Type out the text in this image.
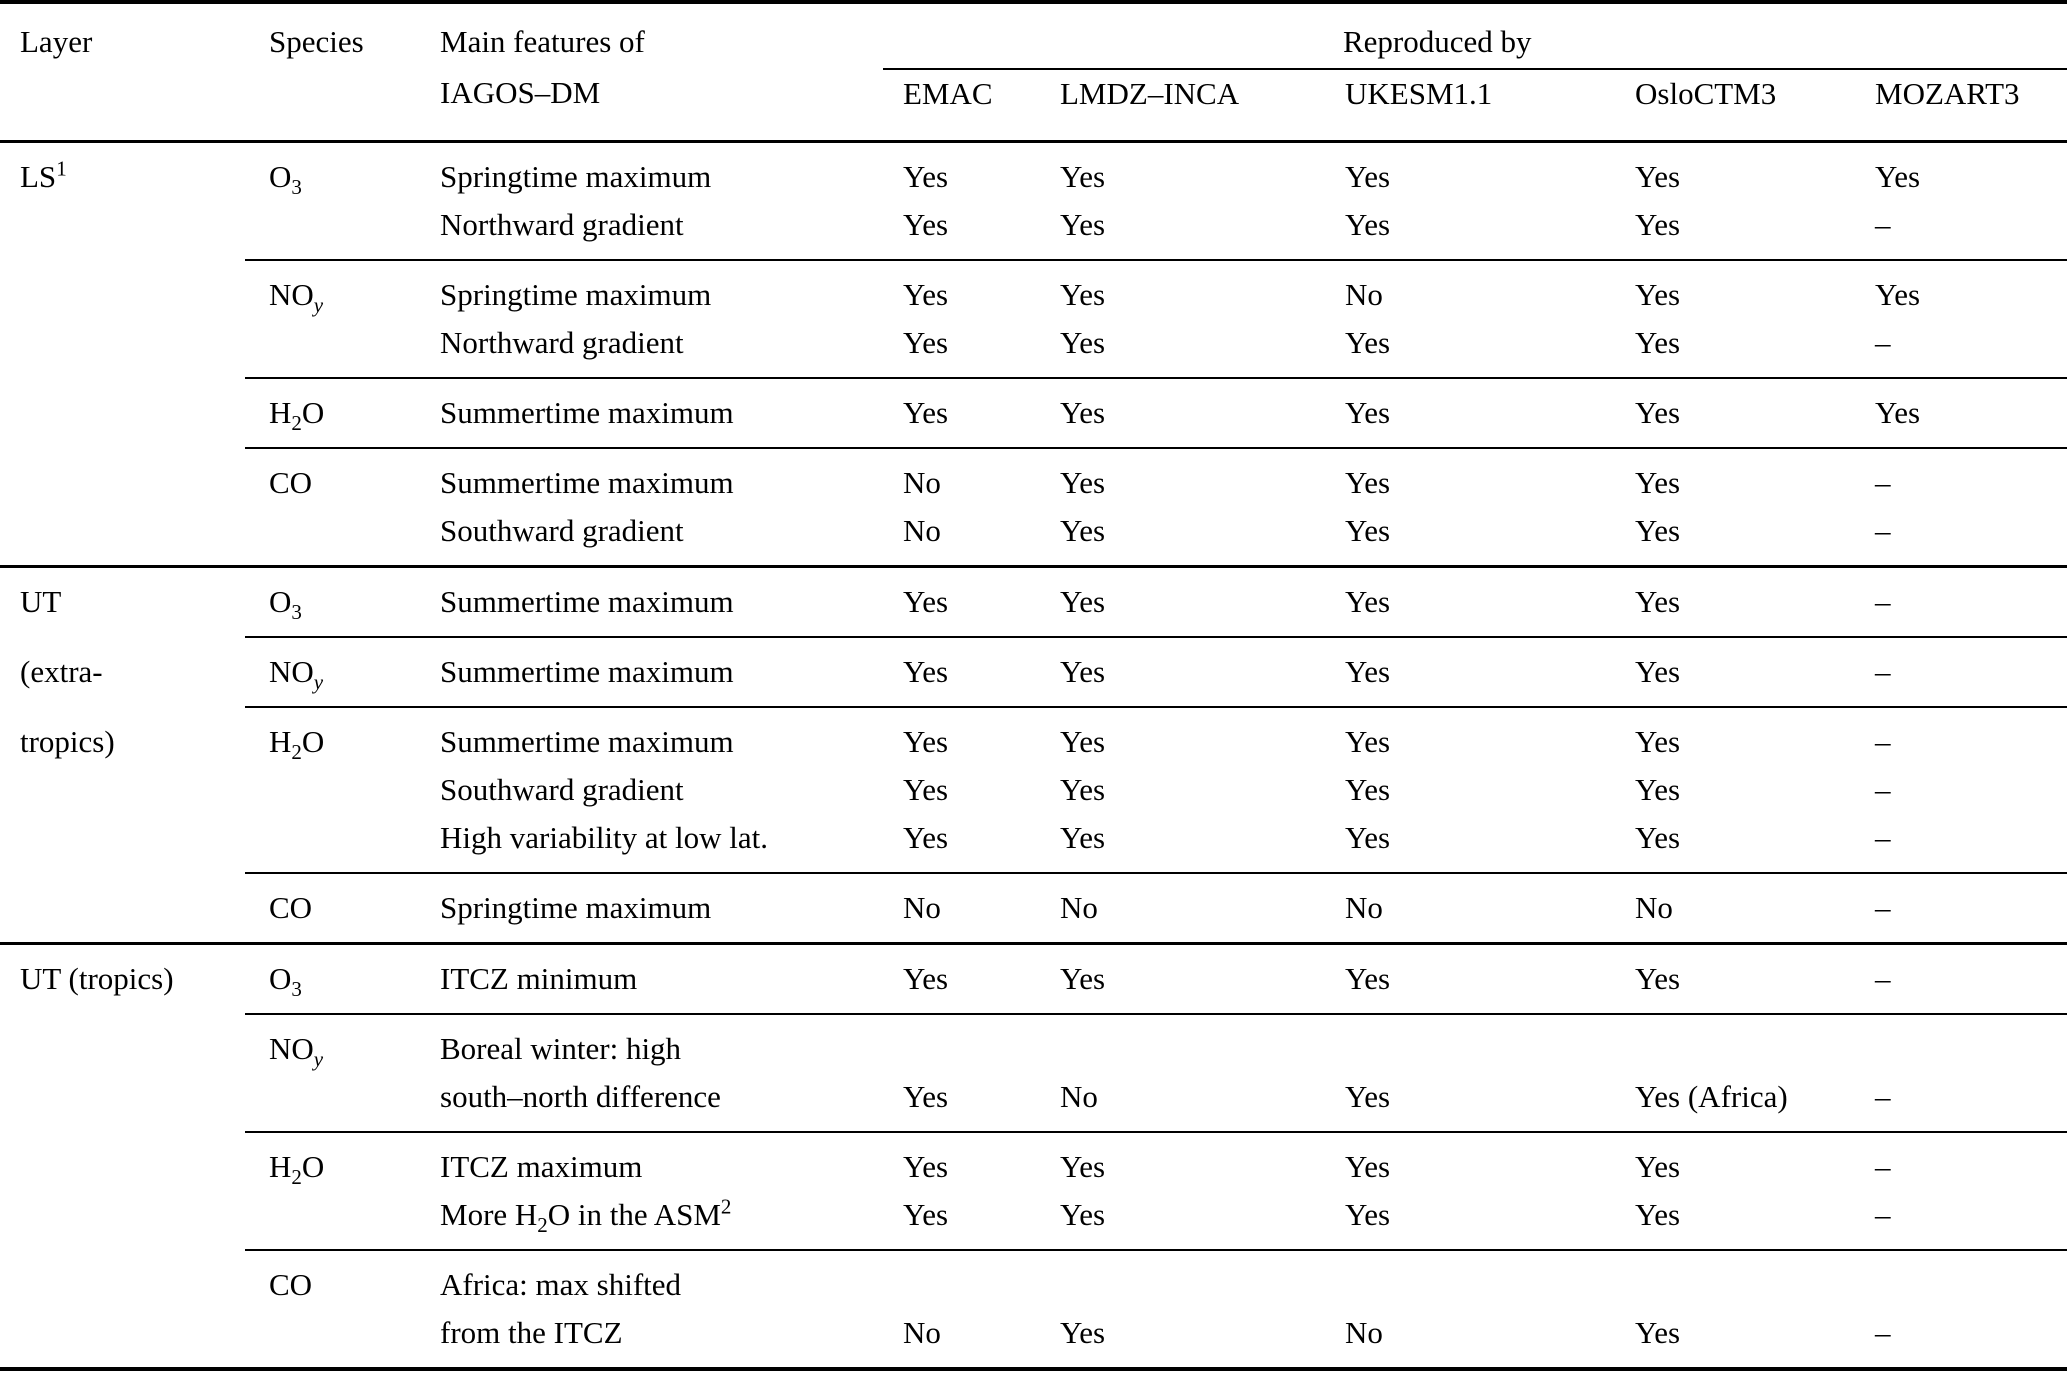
Layer	Species	Main features of	Reproduced by				
		IAGOS–DM	EMAC	LMDZ–INCA	UKESM1.1	OsloCTM3	MOZART3

$LS^1$	$O_3$	Springtime maximum	Yes	Yes	Yes	Yes	Yes
		Northward gradient	Yes	Yes	Yes	Yes	–
	$NO_y$	Springtime maximum	Yes	Yes	No	Yes	Yes
		Northward gradient	Yes	Yes	Yes	Yes	–
	$H_2O$	Summertime maximum	Yes	Yes	Yes	Yes	Yes
	CO	Summertime maximum	No	Yes	Yes	Yes	–
		Southward gradient	No	Yes	Yes	Yes	–

UT
(extra-
tropics)	$O_3$	Summertime maximum	Yes	Yes	Yes	Yes	–
	$NO_y$	Summertime maximum	Yes	Yes	Yes	Yes	–
	$H_2O$	Summertime maximum	Yes	Yes	Yes	Yes	–
		Southward gradient	Yes	Yes	Yes	Yes	–
		High variability at low lat.	Yes	Yes	Yes	Yes	–
	CO	Springtime maximum	No	No	No	No	–

UT (tropics)	$O_3$	ITCZ minimum	Yes	Yes	Yes	Yes	–
	$NO_y$	Boreal winter: high					
		south–north difference	Yes	No	Yes	Yes (Africa)	–
	$H_2O$	ITCZ maximum	Yes	Yes	Yes	Yes	–
		More $H_2O$ in the ASM$^2$	Yes	Yes	Yes	Yes	–
	CO	Africa: max shifted					
		from the ITCZ	No	Yes	No	Yes	–
